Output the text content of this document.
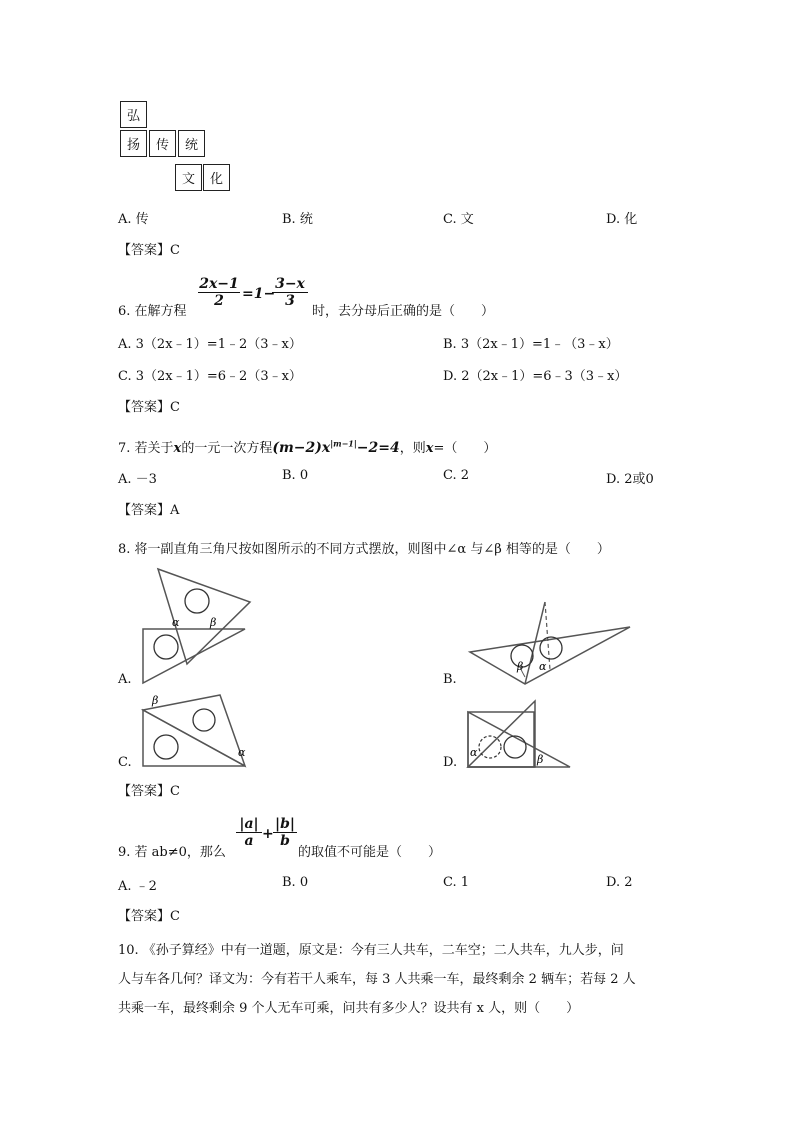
弘
扬	传	统
文	化
A. 传	B. 统	C. 文	D. 化
【答案】C
6. 在解方程
$\frac{2x-1}{2} =1-$
$\frac{3-x}{3}$
时，去分母后正确的是（　　）
A. 3（2x﹣1）=1﹣2（3﹣x）	B. 3（2x﹣1）=1﹣（3﹣x）
C. 3（2x﹣1）=6﹣2（3﹣x）	D. 2（2x﹣1）=6﹣3（3﹣x）
【答案】C
7. 若关于x的一元一次方程$(m-2)x^{|m-1|}-2=4$，则x=（　　）
A. －3	B. 0	C. 2	D. 2或0
【答案】A
8. 将一副直角三角尺按如图所示的不同方式摆放，则图中∠α 与∠β 相等的是（　　）
α	β
A.
β α
B.
β
α
C.
α
β
D.
【答案】C
9. 若 ab≠0，那么
$\frac{|a|}{a} + \frac{|b|}{b}$
的取值不可能是（　　）
A. ﹣2	B. 0	C. 1	D. 2
【答案】C
10. 《孙子算经》中有一道题，原文是：今有三人共车，二车空；二人共车，九人步，问
人与车各几何？译文为：今有若干人乘车，每 3 人共乘一车，最终剩余 2 辆车；若每 2 人
共乘一车，最终剩余 9 个人无车可乘，问共有多少人？设共有 x 人，则（　　）
